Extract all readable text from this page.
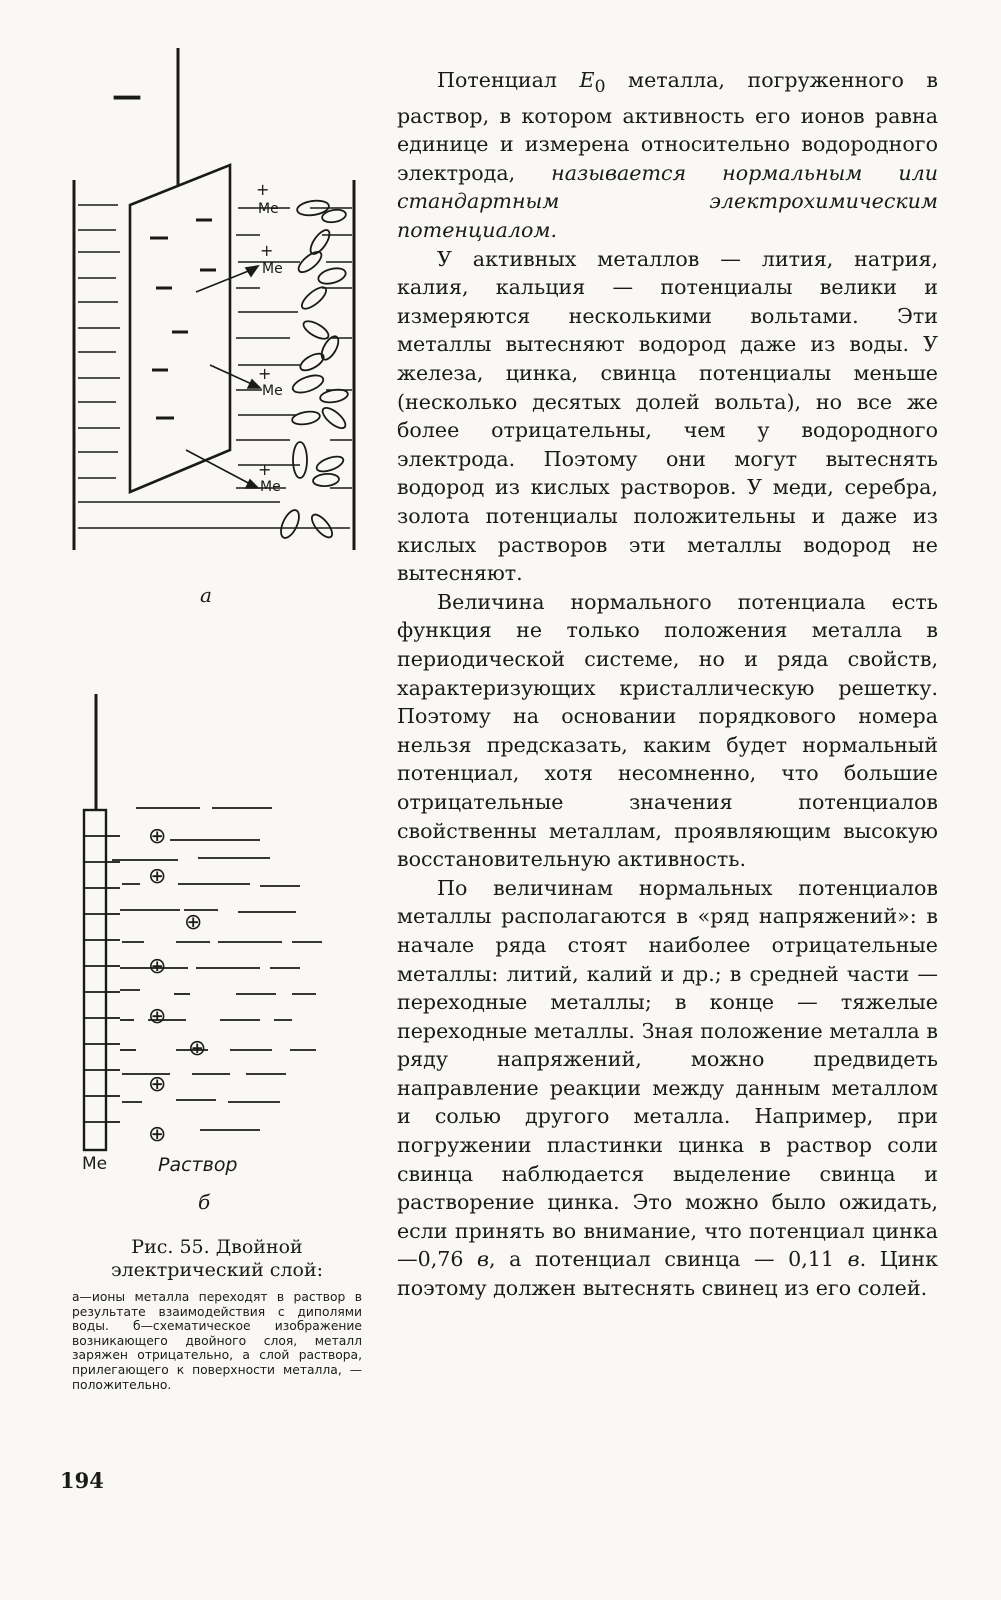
—
+
Me
+
Me
+
Me
+
Me
а
⊕
⊕
⊕
⊕
⊕
⊕
⊕
⊕
Me	Раствор
б

Рис. 55. Двойной электрический слой:

а—ионы металла переходят в раствор в результате взаимодействия с диполями воды. б—схематическое изображение возникающего двойного слоя, металл заряжен отрицательно, а слой раствора, прилегающего к поверхности металла, — положительно.

Потенциал $E_0$ металла, погруженного в раствор, в котором активность его ионов равна единице и измерена относительно водородного электрода, называется нормальным или стандартным электрохимическим потенциалом.

У активных металлов — лития, натрия, калия, кальция — потенциалы велики и измеряются несколькими вольтами. Эти металлы вытесняют водород даже из воды. У железа, цинка, свинца потенциалы меньше (несколько десятых долей вольта), но все же более отрицательны, чем у водородного электрода. Поэтому они могут вытеснять водород из кислых растворов. У меди, серебра, золота потенциалы положительны и даже из кислых растворов эти металлы водород не вытесняют.

Величина нормального потенциала есть функция не только положения металла в периодической системе, но и ряда свойств, характеризующих кристаллическую решетку. Поэтому на основании порядкового номера нельзя предсказать, каким будет нормальный потенциал, хотя несомненно, что большие отрицательные значения потенциалов свойственны металлам, проявляющим высокую восстановительную активность.

По величинам нормальных потенциалов металлы располагаются в «ряд напряжений»: в начале ряда стоят наиболее отрицательные металлы: литий, калий и др.; в средней части — переходные металлы; в конце — тяжелые переходные металлы. Зная положение металла в ряду напряжений, можно предвидеть направление реакции между данным металлом и солью другого металла. Например, при погружении пластинки цинка в раствор соли свинца наблюдается выделение свинца и растворение цинка. Это можно было ожидать, если принять во внимание, что потенциал цинка—0,76 в, а потенциал свинца — 0,11 в. Цинк поэтому должен вытеснять свинец из его солей.

194
